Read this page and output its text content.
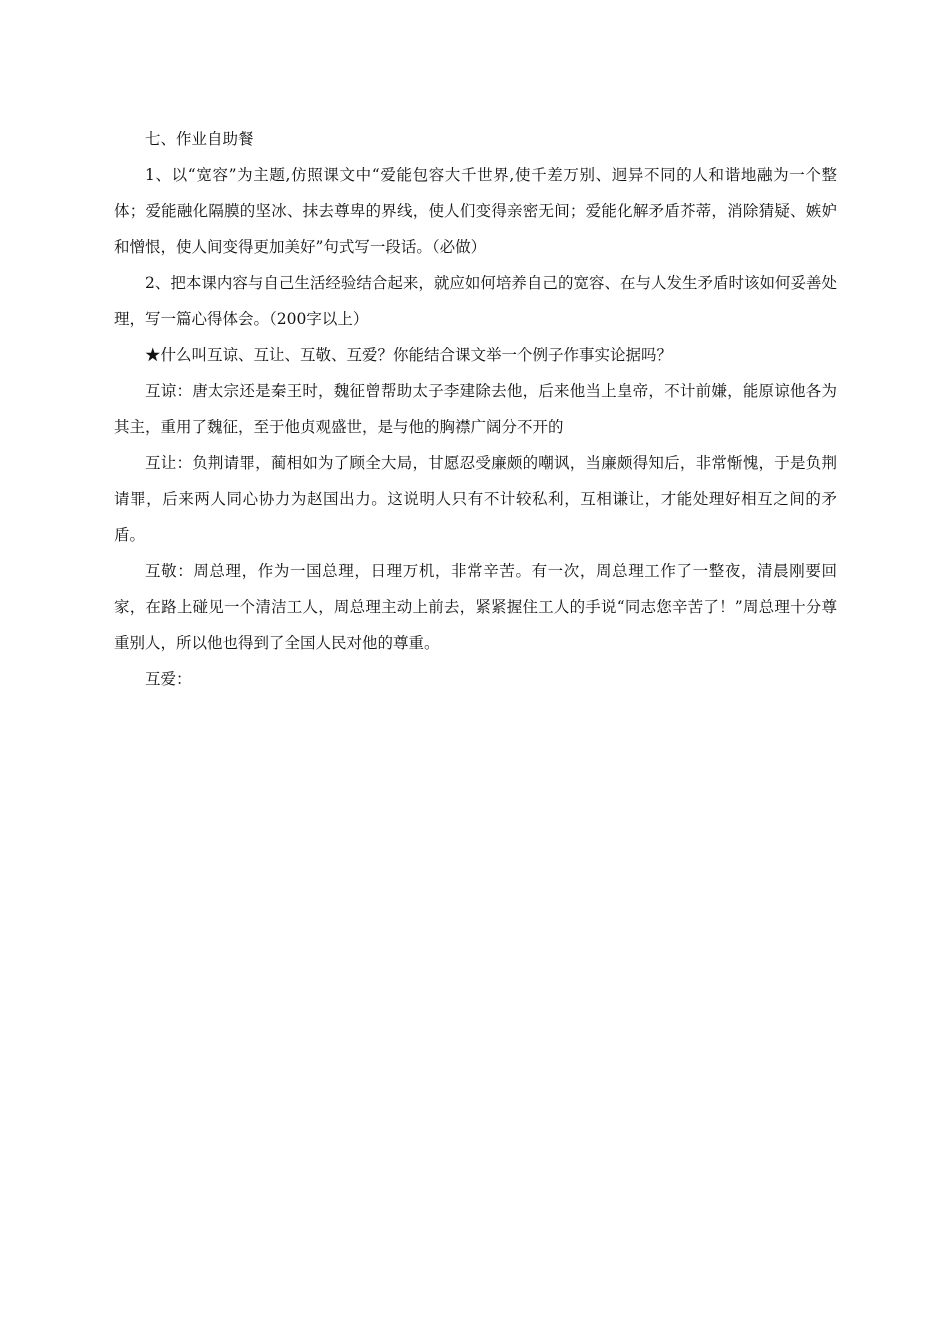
七、作业自助餐

1、以“宽容”为主题,仿照课文中“爱能包容大千世界,使千差万别、迥异不同的人和谐地融为一个整体；爱能融化隔膜的坚冰、抹去尊卑的界线，使人们变得亲密无间；爱能化解矛盾芥蒂，消除猜疑、嫉妒和憎恨，使人间变得更加美好”句式写一段话。（必做）

2、把本课内容与自己生活经验结合起来，就应如何培养自己的宽容、在与人发生矛盾时该如何妥善处理，写一篇心得体会。（200字以上）

★什么叫互谅、互让、互敬、互爱？你能结合课文举一个例子作事实论据吗？

互谅：唐太宗还是秦王时，魏征曾帮助太子李建除去他，后来他当上皇帝，不计前嫌，能原谅他各为其主，重用了魏征，至于他贞观盛世，是与他的胸襟广阔分不开的

互让：负荆请罪，蔺相如为了顾全大局，甘愿忍受廉颇的嘲讽，当廉颇得知后，非常惭愧，于是负荆请罪，后来两人同心协力为赵国出力。这说明人只有不计较私利，互相谦让，才能处理好相互之间的矛盾。

互敬：周总理，作为一国总理，日理万机，非常辛苦。有一次，周总理工作了一整夜，清晨刚要回家，在路上碰见一个清洁工人，周总理主动上前去，紧紧握住工人的手说“同志您辛苦了！”周总理十分尊重别人，所以他也得到了全国人民对他的尊重。

互爱：
